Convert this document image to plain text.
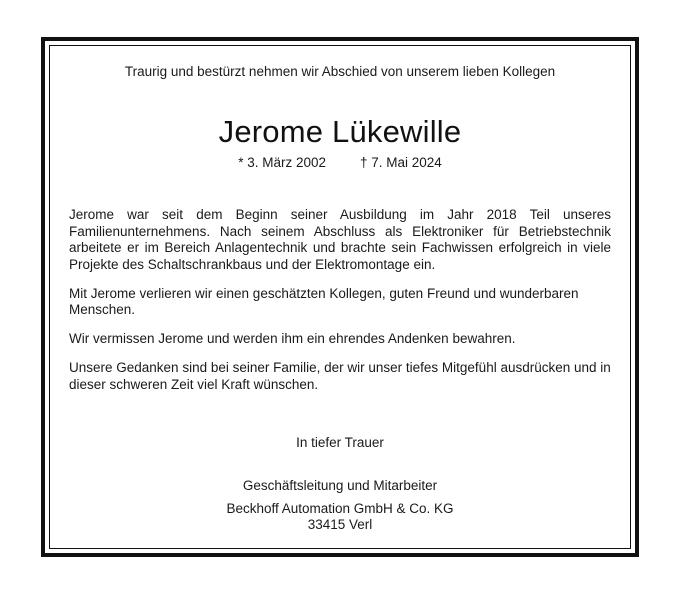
Traurig und bestürzt nehmen wir Abschied von unserem lieben Kollegen
Jerome Lükewille
* 3. März 2002	† 7. Mai 2024

Jerome war seit dem Beginn seiner Ausbildung im Jahr 2018 Teil unseres Familienunternehmens. Nach seinem Abschluss als Elektroniker für Betriebstechnik arbeitete er im Bereich Anlagentechnik und brachte sein Fachwissen erfolgreich in viele Projekte des Schaltschrankbaus und der Elektromontage ein.

Mit Jerome verlieren wir einen geschätzten Kollegen, guten Freund und wunderbaren Menschen.

Wir vermissen Jerome und werden ihm ein ehrendes Andenken bewahren.

Unsere Gedanken sind bei seiner Familie, der wir unser tiefes Mitgefühl ausdrücken und in dieser schweren Zeit viel Kraft wünschen.

In tiefer Trauer
Geschäftsleitung und Mitarbeiter
Beckhoff Automation GmbH & Co. KG
33415 Verl
